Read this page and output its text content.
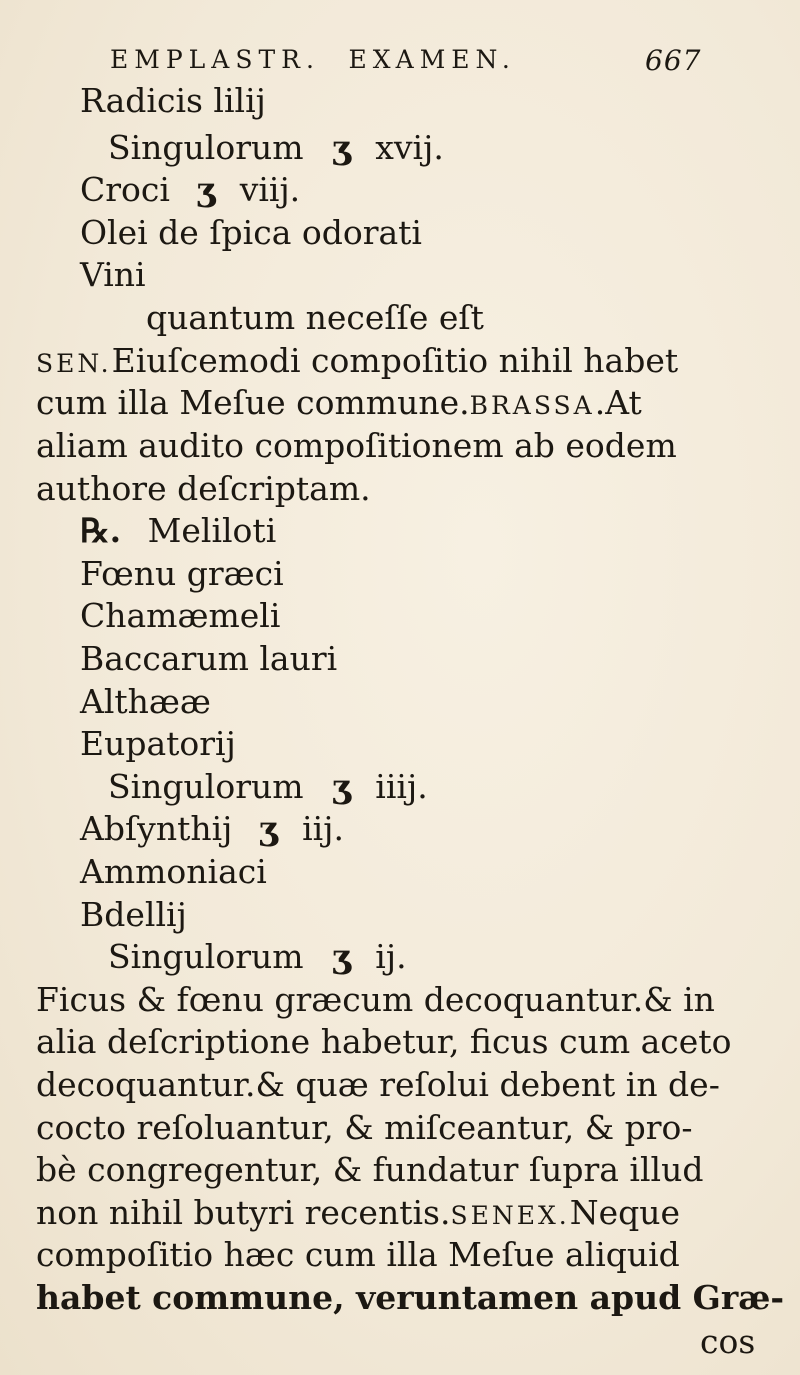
EMPLASTR. EXAMEN.	667
Radicis lilij
Singulorum ʒ xvij.
Croci ʒ viij.
Olei de ſpica odorati
Vini
quantum neceſſe eſt
SEN.Eiuſcemodi compoſitio nihil habet
cum illa Meſue commune.BRASSA.At
aliam audito compoſitionem ab eodem
authore deſcriptam.
℞. Meliloti
Fœnu græci
Chamæmeli
Baccarum lauri
Althææ
Eupatorij
Singulorum ʒ iiij.
Abſynthij ʒ iij.
Ammoniaci
Bdellij
Singulorum ʒ ij.
Ficus & fœnu græcum decoquantur.& in
alia deſcriptione habetur, ficus cum aceto
decoquantur.& quæ reſolui debent in de-
cocto reſoluantur, & miſceantur, & pro-
bè congregentur, & fundatur ſupra illud
non nihil butyri recentis.SENEX.Neque
compoſitio hæc cum illa Meſue aliquid
habet commune, veruntamen apud Græ-
cos
